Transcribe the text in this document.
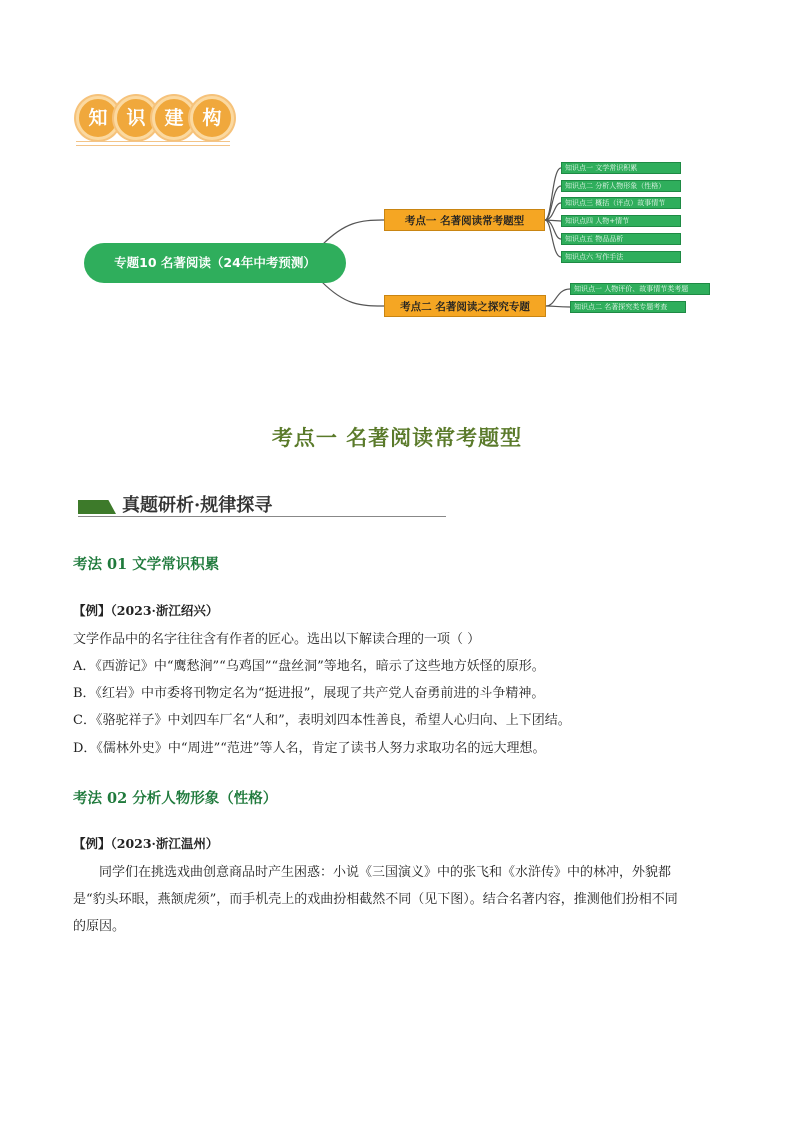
知 识 建 构
专题10 名著阅读（24年中考预测）
考点一 名著阅读常考题型
考点二 名著阅读之探究专题
知识点一 文学常识积累
知识点二 分析人物形象（性格）
知识点三 概括（评点）故事情节
知识点四 人物+情节
知识点五 物品品析
知识点六 写作手法
知识点一 人物评价、故事情节类考题
知识点二 名著探究类专题考查
考点一 名著阅读常考题型
真题研析·规律探寻
考法 01 文学常识积累
【例】（2023·浙江绍兴）
文学作品中的名字往往含有作者的匠心。选出以下解读合理的一项（ ）
A．《西游记》中“鹰愁涧”“乌鸡国”“盘丝洞”等地名，暗示了这些地方妖怪的原形。
B．《红岩》中市委将刊物定名为“挺进报”，展现了共产党人奋勇前进的斗争精神。
C．《骆驼祥子》中刘四车厂名“人和”，表明刘四本性善良，希望人心归向、上下团结。
D．《儒林外史》中“周进”“范进”等人名，肯定了读书人努力求取功名的远大理想。
考法 02 分析人物形象（性格）
【例】（2023·浙江温州）
同学们在挑选戏曲创意商品时产生困惑：小说《三国演义》中的张飞和《水浒传》中的林冲，外貌都
是“豹头环眼，燕颔虎须”，而手机壳上的戏曲扮相截然不同（见下图）。结合名著内容，推测他们扮相不同
的原因。
